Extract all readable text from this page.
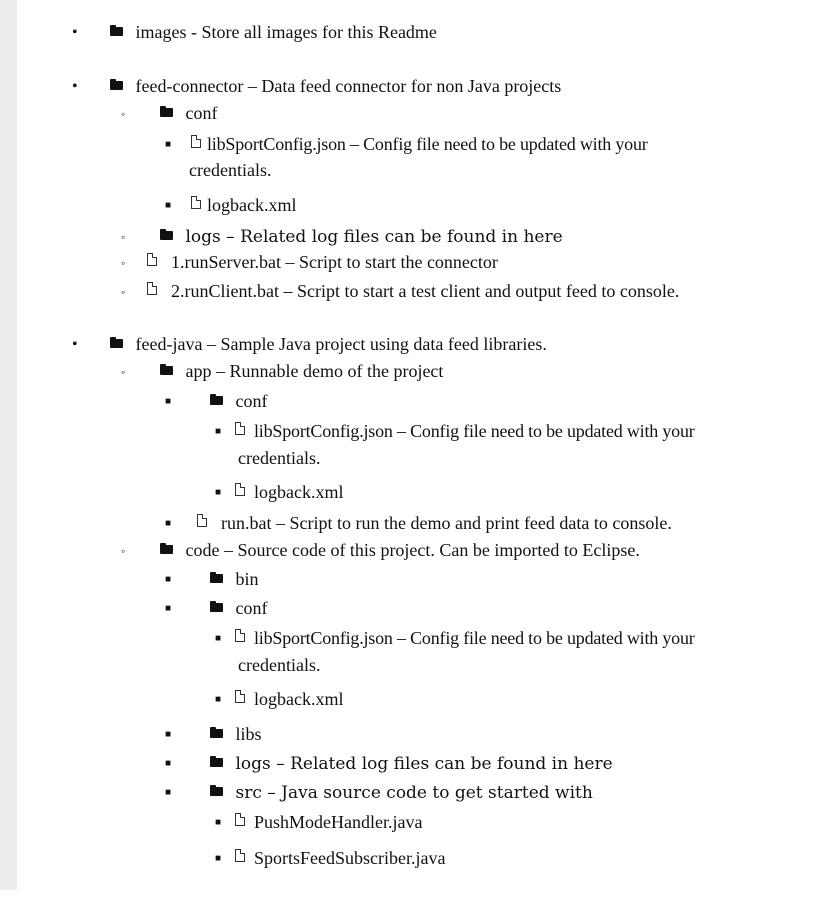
•	images - Store all images for this Readme
•	feed-connector – Data feed connector for non Java projects
◦	conf
■	libSportConfig.json – Config file need to be updated with your
credentials.
■	logback.xml
◦	logs – Related log files can be found in here
◦	1.runServer.bat – Script to start the connector
◦	2.runClient.bat – Script to start a test client and output feed to console.
•	feed-java – Sample Java project using data feed libraries.
◦	app – Runnable demo of the project
■	conf
■	libSportConfig.json – Config file need to be updated with your
credentials.
■	logback.xml
■	run.bat – Script to run the demo and print feed data to console.
◦	code – Source code of this project. Can be imported to Eclipse.
■	bin
■	conf
■	libSportConfig.json – Config file need to be updated with your
credentials.
■	logback.xml
■	libs
■	logs – Related log files can be found in here
■	src – Java source code to get started with
■	PushModeHandler.java
■	SportsFeedSubscriber.java
